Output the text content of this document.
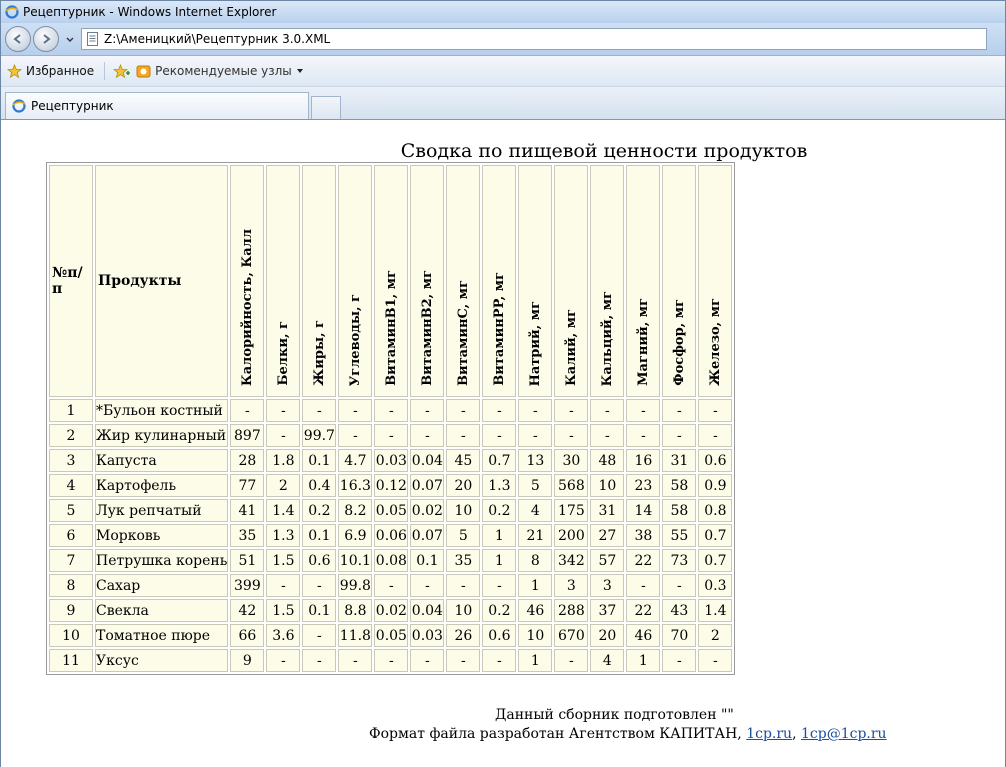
Рецептурник - Windows Internet Explorer
Z:\Аменицкий\Рецептурник 3.0.XML
Избранное	Рекомендуемые узлы
Рецептурник
Сводка по пищевой ценности продуктов
№п/п	Продукты	Калорийность, Калл	Белки, г	Жиры, г	Углеводы, г	ВитаминB1, мг	ВитаминB2, мг	ВитаминC, мг	ВитаминPP, мг	Натрий, мг	Калий, мг	Кальций, мг	Магний, мг	Фосфор, мг	Железо, мг
1	*Бульон костный	-	-	-	-	-	-	-	-	-	-	-	-	-	-
2	Жир кулинарный	897	-	99.7	-	-	-	-	-	-	-	-	-	-	-
3	Капуста	28	1.8	0.1	4.7	0.03	0.04	45	0.7	13	30	48	16	31	0.6
4	Картофель	77	2	0.4	16.3	0.12	0.07	20	1.3	5	568	10	23	58	0.9
5	Лук репчатый	41	1.4	0.2	8.2	0.05	0.02	10	0.2	4	175	31	14	58	0.8
6	Морковь	35	1.3	0.1	6.9	0.06	0.07	5	1	21	200	27	38	55	0.7
7	Петрушка корень	51	1.5	0.6	10.1	0.08	0.1	35	1	8	342	57	22	73	0.7
8	Сахар	399	-	-	99.8	-	-	-	-	1	3	3	-	-	0.3
9	Свекла	42	1.5	0.1	8.8	0.02	0.04	10	0.2	46	288	37	22	43	1.4
10	Томатное пюре	66	3.6	-	11.8	0.05	0.03	26	0.6	10	670	20	46	70	2
11	Уксус	9	-	-	-	-	-	-	-	1	-	4	1	-	-
Данный сборник подготовлен ""
Формат файла разработан Агентством КАПИТАН, 1cp.ru, 1cp@1cp.ru
